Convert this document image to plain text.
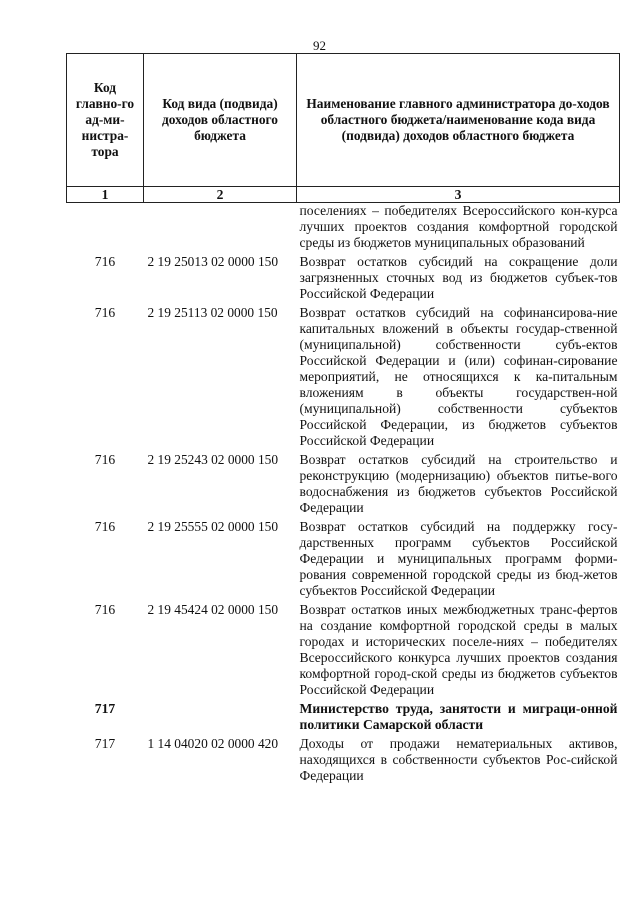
92
Код главно-го ад-ми-нистра-тора	Код вида (подвида) доходов областного бюджета	Наименование главного администратора до-ходов областного бюджета/наименование кода вида (подвида) доходов областного бюджета
1	2	3
		поселениях – победителях Всероссийского кон-курса лучших проектов создания комфортной городской среды из бюджетов муниципальных образований
716	2 19 25013 02 0000 150	Возврат остатков субсидий на сокращение доли загрязненных сточных вод из бюджетов субъек-тов Российской Федерации
716	2 19 25113 02 0000 150	Возврат остатков субсидий на софинансирова-ние капитальных вложений в объекты государ-ственной (муниципальной) собственности субъ-ектов Российской Федерации и (или) софинан-сирование мероприятий, не относящихся к ка-питальным вложениям в объекты государствен-ной (муниципальной) собственности субъектов Российской Федерации, из бюджетов субъектов Российской Федерации
716	2 19 25243 02 0000 150	Возврат остатков субсидий на строительство и реконструкцию (модернизацию) объектов питье-вого водоснабжения из бюджетов субъектов Российской Федерации
716	2 19 25555 02 0000 150	Возврат остатков субсидий на поддержку госу-дарственных программ субъектов Российской Федерации и муниципальных программ форми-рования современной городской среды из бюд-жетов субъектов Российской Федерации
716	2 19 45424 02 0000 150	Возврат остатков иных межбюджетных транс-фертов на создание комфортной городской среды в малых городах и исторических поселе-ниях – победителях Всероссийского конкурса лучших проектов создания комфортной город-ской среды из бюджетов субъектов Российской Федерации
717		Министерство труда, занятости и миграци-онной политики Самарской области
717	1 14 04020 02 0000 420	Доходы от продажи нематериальных активов, находящихся в собственности субъектов Рос-сийской Федерации
